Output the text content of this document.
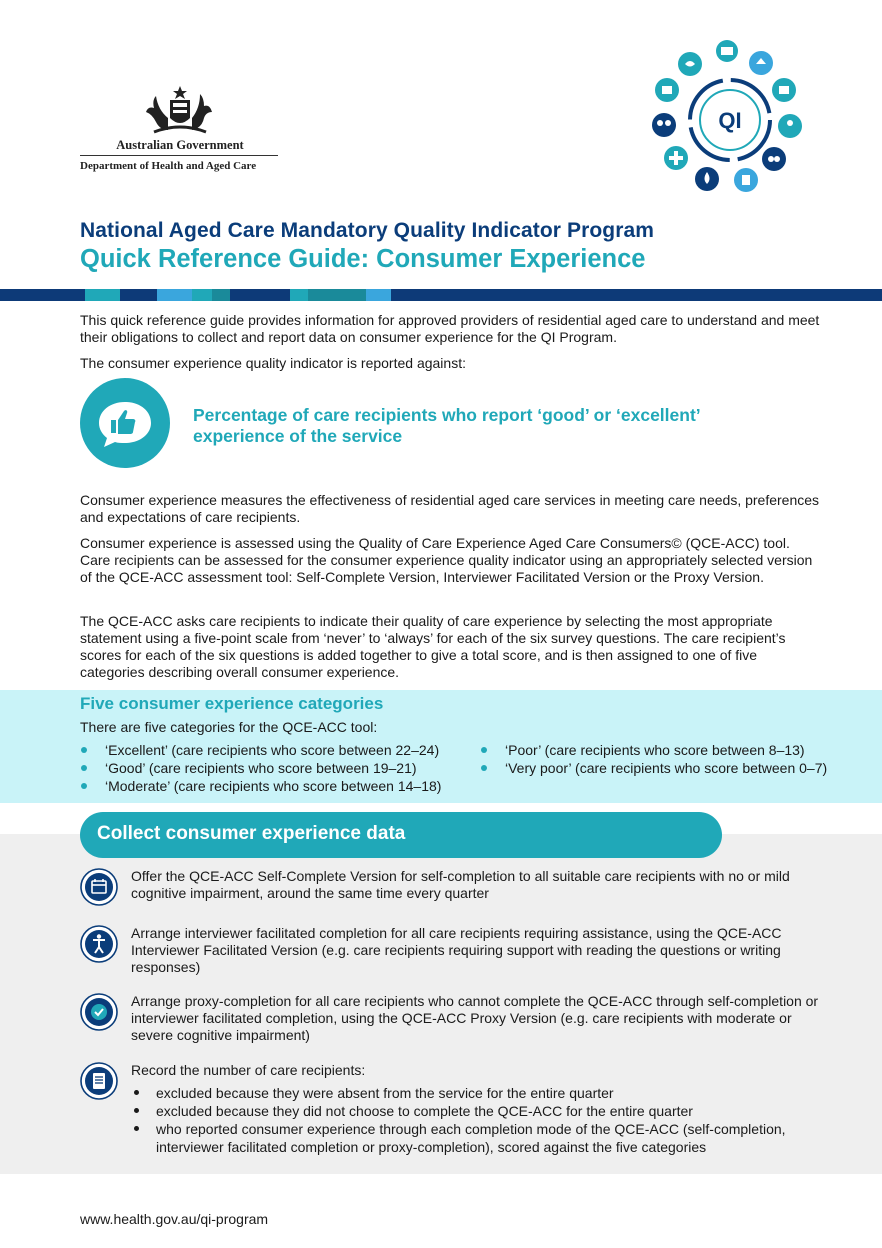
Australian Government
Department of Health and Aged Care
QI
National Aged Care Mandatory Quality Indicator Program
Quick Reference Guide: Consumer Experience

This quick reference guide provides information for approved providers of residential aged care to understand and meet their obligations to collect and report data on consumer experience for the QI Program.

The consumer experience quality indicator is reported against:

Percentage of care recipients who report ‘good’ or ‘excellent’ experience of the service

Consumer experience measures the effectiveness of residential aged care services in meeting care needs, preferences and expectations of care recipients.

Consumer experience is assessed using the Quality of Care Experience Aged Care Consumers© (QCE-ACC) tool. Care recipients can be assessed for the consumer experience quality indicator using an appropriately selected version of the QCE-ACC assessment tool: Self-Complete Version, Interviewer Facilitated Version or the Proxy Version.

The QCE-ACC asks care recipients to indicate their quality of care experience by selecting the most appropriate statement using a five-point scale from ‘never’ to ‘always’ for each of the six survey questions. The care recipient’s scores for each of the six questions is added together to give a total score, and is then assigned to one of five categories describing overall consumer experience.

Five consumer experience categories
There are five categories for the QCE-ACC tool:
‘Excellent’ (care recipients who score between 22–24)
‘Good’ (care recipients who score between 19–21)
‘Moderate’ (care recipients who score between 14–18)
‘Poor’ (care recipients who score between 8–13)
‘Very poor’ (care recipients who score between 0–7)
Collect consumer experience data

Offer the QCE-ACC Self-Complete Version for self-completion to all suitable care recipients with no or mild cognitive impairment, around the same time every quarter

Arrange interviewer facilitated completion for all care recipients requiring assistance, using the QCE-ACC Interviewer Facilitated Version (e.g. care recipients requiring support with reading the questions or writing responses)

Arrange proxy-completion for all care recipients who cannot complete the QCE-ACC through self-completion or interviewer facilitated completion, using the QCE-ACC Proxy Version (e.g. care recipients with moderate or severe cognitive impairment)

Record the number of care recipients:

excluded because they were absent from the service for the entire quarter
excluded because they did not choose to complete the QCE-ACC for the entire quarter
who reported consumer experience through each completion mode of the QCE-ACC (self-completion, interviewer facilitated completion or proxy-completion), scored against the five categories
www.health.gov.au/qi-program
